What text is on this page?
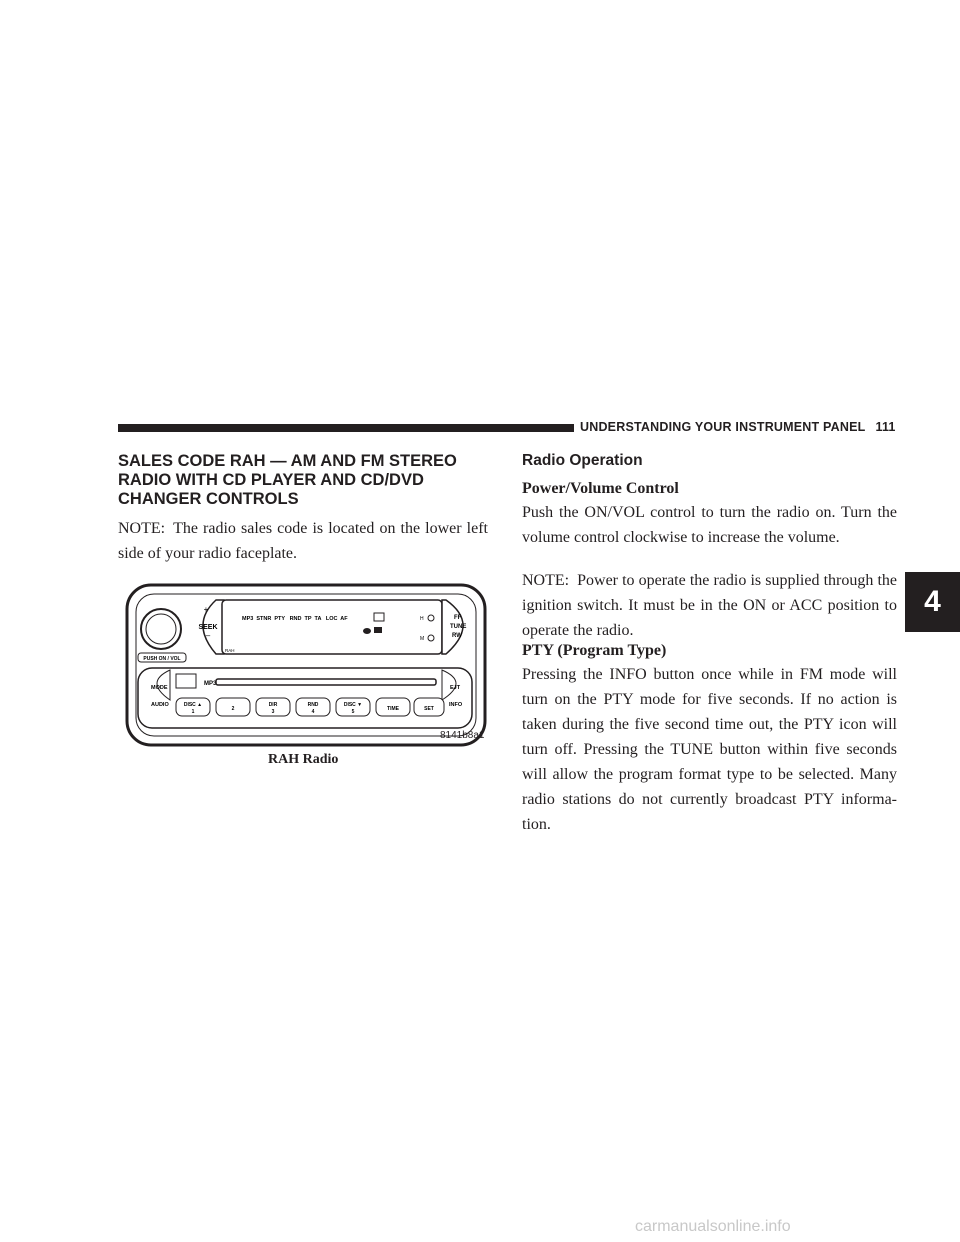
UNDERSTANDING YOUR INSTRUMENT PANEL 111
4
SALES CODE RAH — AM AND FM STEREO RADIO WITH CD PLAYER AND CD/DVD CHANGER CONTROLS
NOTE: The radio sales code is located on the lower left side of your radio faceplate.
PUSH ON / VOL
+
SEEK
–
MP3  STNR  PTY   RND  TP  TA   LOC  AF
RAH
H
M
FF
TUNE
RW
MODE
AUDIO
MP3
EJT
INFO
DISC ▲
1	2
DIR
3
RND
4
DISC ▼
5	TIME	SET
8141b8a1
RAH Radio
Radio Operation
Power/Volume Control
Push the ON/VOL control to turn the radio on. Turn the volume control clockwise to increase the volume.
NOTE: Power to operate the radio is supplied through the ignition switch. It must be in the ON or ACC position to operate the radio.
PTY (Program Type)
Pressing the INFO button once while in FM mode will turn on the PTY mode for five seconds. If no action is taken during the five second time out, the PTY icon will turn off. Pressing the TUNE button within five seconds will allow the program format type to be selected. Many radio stations do not currently broadcast PTY informa-tion.
carmanualsonline.info
